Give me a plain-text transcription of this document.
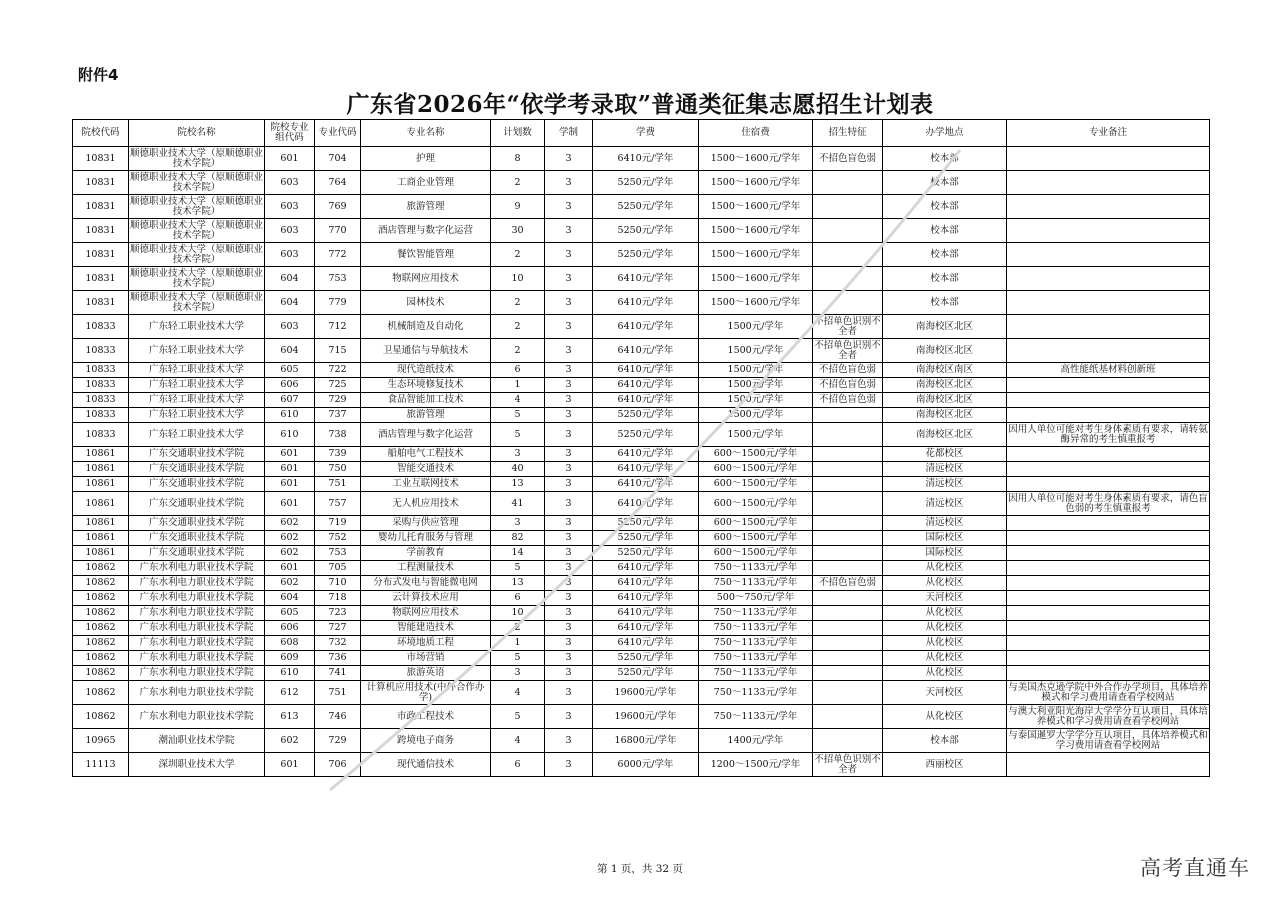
附件4
广东省2026年“依学考录取”普通类征集志愿招生计划表
院校代码	院校名称	院校专业组代码	专业代码	专业名称	计划数	学制	学费	住宿费	招生特征	办学地点	专业备注
10831	顺德职业技术大学（原顺德职业技术学院）	601	704	护理	8	3	6410元/学年	1500～1600元/学年	不招色盲色弱	校本部	
10831	顺德职业技术大学（原顺德职业技术学院）	603	764	工商企业管理	2	3	5250元/学年	1500～1600元/学年		校本部	
10831	顺德职业技术大学（原顺德职业技术学院）	603	769	旅游管理	9	3	5250元/学年	1500～1600元/学年		校本部	
10831	顺德职业技术大学（原顺德职业技术学院）	603	770	酒店管理与数字化运营	30	3	5250元/学年	1500～1600元/学年		校本部	
10831	顺德职业技术大学（原顺德职业技术学院）	603	772	餐饮智能管理	2	3	5250元/学年	1500～1600元/学年		校本部	
10831	顺德职业技术大学（原顺德职业技术学院）	604	753	物联网应用技术	10	3	6410元/学年	1500～1600元/学年		校本部	
10831	顺德职业技术大学（原顺德职业技术学院）	604	779	园林技术	2	3	6410元/学年	1500～1600元/学年		校本部	
10833	广东轻工职业技术大学	603	712	机械制造及自动化	2	3	6410元/学年	1500元/学年	不招单色识别不全者	南海校区北区	
10833	广东轻工职业技术大学	604	715	卫星通信与导航技术	2	3	6410元/学年	1500元/学年	不招单色识别不全者	南海校区北区	
10833	广东轻工职业技术大学	605	722	现代造纸技术	6	3	6410元/学年	1500元/学年	不招色盲色弱	南海校区南区	高性能纸基材料创新班
10833	广东轻工职业技术大学	606	725	生态环境修复技术	1	3	6410元/学年	1500元/学年	不招色盲色弱	南海校区北区	
10833	广东轻工职业技术大学	607	729	食品智能加工技术	4	3	6410元/学年	1500元/学年	不招色盲色弱	南海校区北区	
10833	广东轻工职业技术大学	610	737	旅游管理	5	3	5250元/学年	1500元/学年		南海校区北区	
10833	广东轻工职业技术大学	610	738	酒店管理与数字化运营	5	3	5250元/学年	1500元/学年		南海校区北区	因用人单位可能对考生身体素质有要求，请转氨酶异常的考生慎重报考
10861	广东交通职业技术学院	601	739	船舶电气工程技术	3	3	6410元/学年	600～1500元/学年		花都校区	
10861	广东交通职业技术学院	601	750	智能交通技术	40	3	6410元/学年	600～1500元/学年		清远校区	
10861	广东交通职业技术学院	601	751	工业互联网技术	13	3	6410元/学年	600～1500元/学年		清远校区	
10861	广东交通职业技术学院	601	757	无人机应用技术	41	3	6410元/学年	600～1500元/学年		清远校区	因用人单位可能对考生身体素质有要求，请色盲色弱的考生慎重报考
10861	广东交通职业技术学院	602	719	采购与供应管理	3	3	5250元/学年	600～1500元/学年		清远校区	
10861	广东交通职业技术学院	602	752	婴幼儿托育服务与管理	82	3	5250元/学年	600～1500元/学年		国际校区	
10861	广东交通职业技术学院	602	753	学前教育	14	3	5250元/学年	600～1500元/学年		国际校区	
10862	广东水利电力职业技术学院	601	705	工程测量技术	5	3	6410元/学年	750～1133元/学年		从化校区	
10862	广东水利电力职业技术学院	602	710	分布式发电与智能微电网	13	3	6410元/学年	750～1133元/学年	不招色盲色弱	从化校区	
10862	广东水利电力职业技术学院	604	718	云计算技术应用	6	3	6410元/学年	500～750元/学年		天河校区	
10862	广东水利电力职业技术学院	605	723	物联网应用技术	10	3	6410元/学年	750～1133元/学年		从化校区	
10862	广东水利电力职业技术学院	606	727	智能建造技术	2	3	6410元/学年	750～1133元/学年		从化校区	
10862	广东水利电力职业技术学院	608	732	环境地质工程	1	3	6410元/学年	750～1133元/学年		从化校区	
10862	广东水利电力职业技术学院	609	736	市场营销	5	3	5250元/学年	750～1133元/学年		从化校区	
10862	广东水利电力职业技术学院	610	741	旅游英语	3	3	5250元/学年	750～1133元/学年		从化校区	
10862	广东水利电力职业技术学院	612	751	计算机应用技术(中外合作办学)	4	3	19600元/学年	750～1133元/学年		天河校区	与美国杰克逊学院中外合作办学项目，具体培养模式和学习费用请查看学校网站
10862	广东水利电力职业技术学院	613	746	市政工程技术	5	3	19600元/学年	750～1133元/学年		从化校区	与澳大利亚阳光海岸大学学分互认项目，具体培养模式和学习费用请查看学校网站
10965	潮汕职业技术学院	602	729	跨境电子商务	4	3	16800元/学年	1400元/学年		校本部	与泰国暹罗大学学分互认项目，具体培养模式和学习费用请查看学校网站
11113	深圳职业技术大学	601	706	现代通信技术	6	3	6000元/学年	1200～1500元/学年	不招单色识别不全者	西丽校区	
第 1 页，共 32 页	高考直通车
